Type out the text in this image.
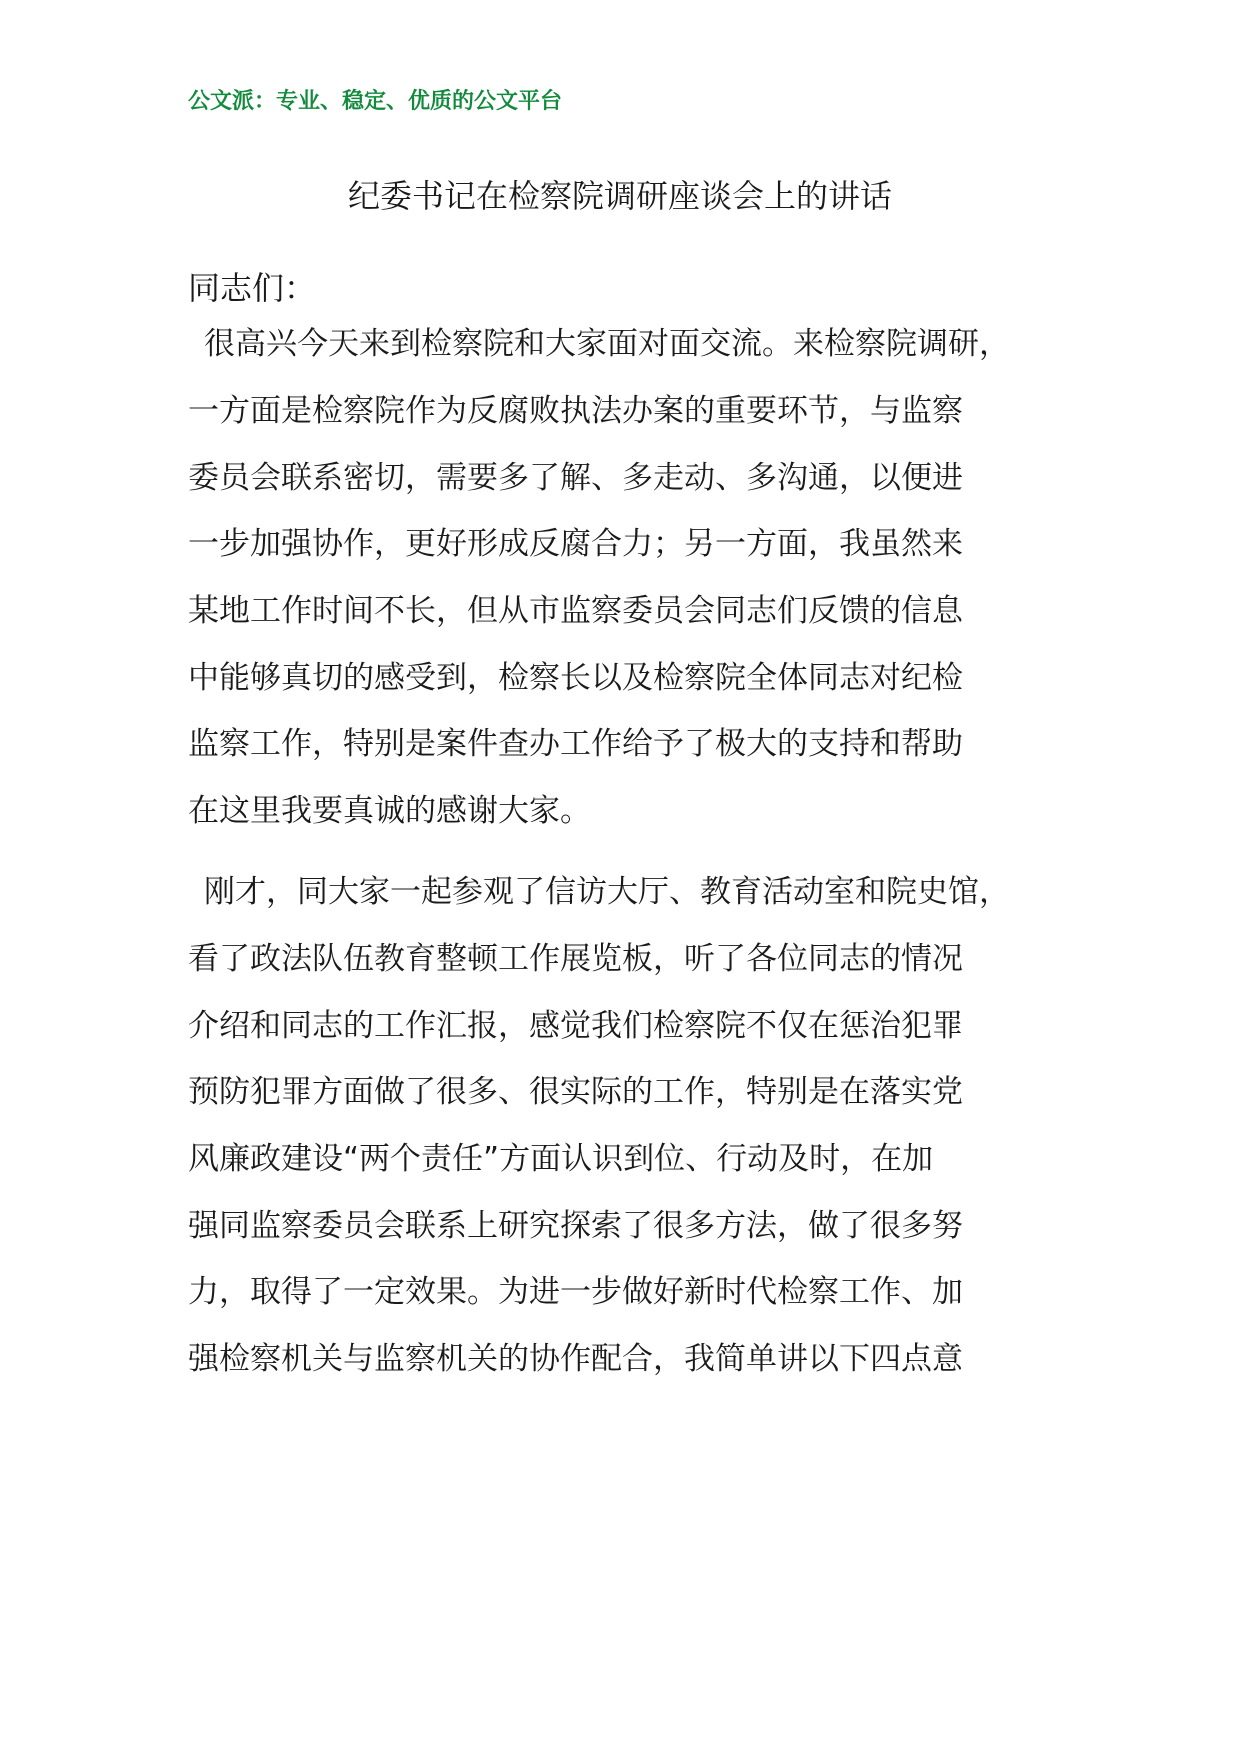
公文派：专业、稳定、优质的公文平台
纪委书记在检察院调研座谈会上的讲话
同志们：
很高兴今天来到检察院和大家面对面交流。来检察院调研，
一方面是检察院作为反腐败执法办案的重要环节，与监察
委员会联系密切，需要多了解、多走动、多沟通，以便进
一步加强协作，更好形成反腐合力；另一方面，我虽然来
某地工作时间不长，但从市监察委员会同志们反馈的信息
中能够真切的感受到，检察长以及检察院全体同志对纪检
监察工作，特别是案件查办工作给予了极大的支持和帮助
在这里我要真诚的感谢大家。
刚才，同大家一起参观了信访大厅、教育活动室和院史馆，
看了政法队伍教育整顿工作展览板，听了各位同志的情况
介绍和同志的工作汇报，感觉我们检察院不仅在惩治犯罪
预防犯罪方面做了很多、很实际的工作，特别是在落实党
风廉政建设“两个责任”方面认识到位、行动及时，在加
强同监察委员会联系上研究探索了很多方法，做了很多努
力，取得了一定效果。为进一步做好新时代检察工作、加
强检察机关与监察机关的协作配合，我简单讲以下四点意
